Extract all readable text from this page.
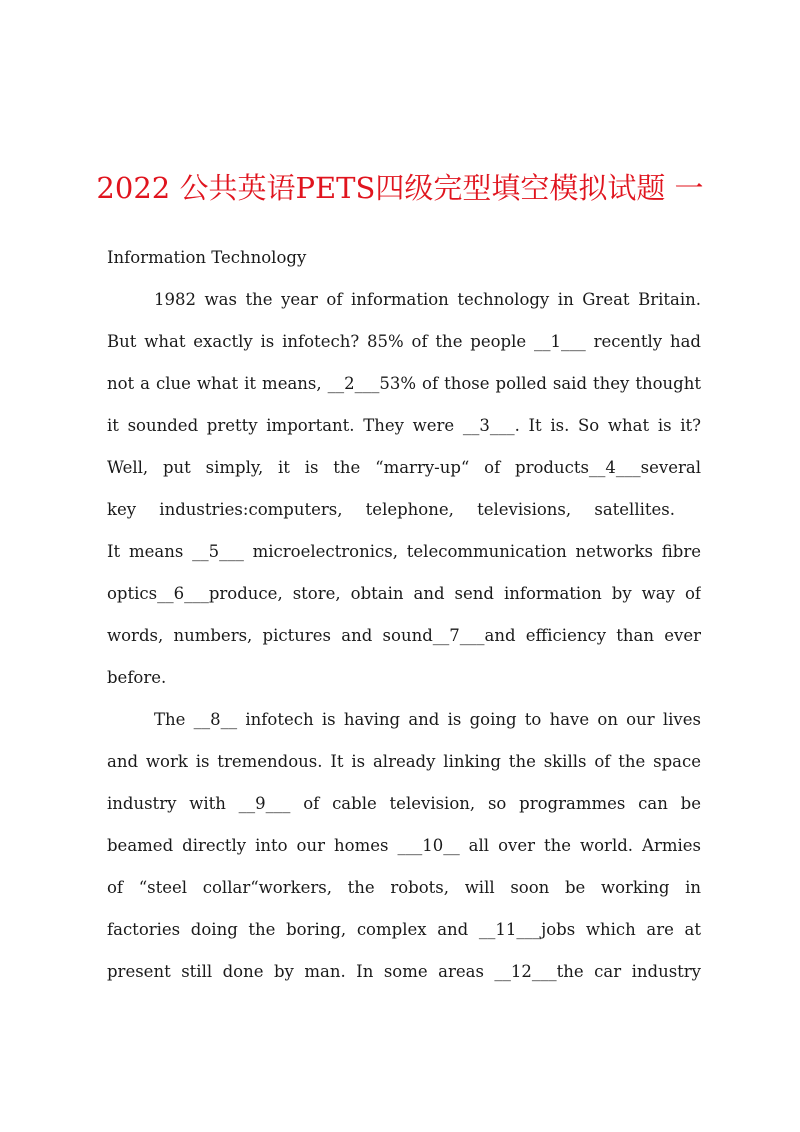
2022 公共英语PETS四级完型填空模拟试题 一
Information Technology
1982 was the year of information technology in Great Britain.
But what exactly is infotech? 85% of the people __1___ recently had
not a clue what it means, __2___53% of those polled said they thought
it sounded pretty important. They were __3___. It is. So what is it?
Well, put simply, it is the “marry-up“ of products__4___several
key industries:computers, telephone, televisions, satellites.
It means __5___ microelectronics, telecommunication networks fibre
optics__6___produce, store, obtain and send information by way of
words, numbers, pictures and sound__7___and efficiency than ever
before.
The __8__ infotech is having and is going to have on our lives
and work is tremendous. It is already linking the skills of the space
industry with __9___ of cable television, so programmes can be
beamed directly into our homes ___10__ all over the world. Armies
of “steel collar“workers, the robots, will soon be working in
factories doing the boring, complex and __11___jobs which are at
present still done by man. In some areas __12___the car industry
